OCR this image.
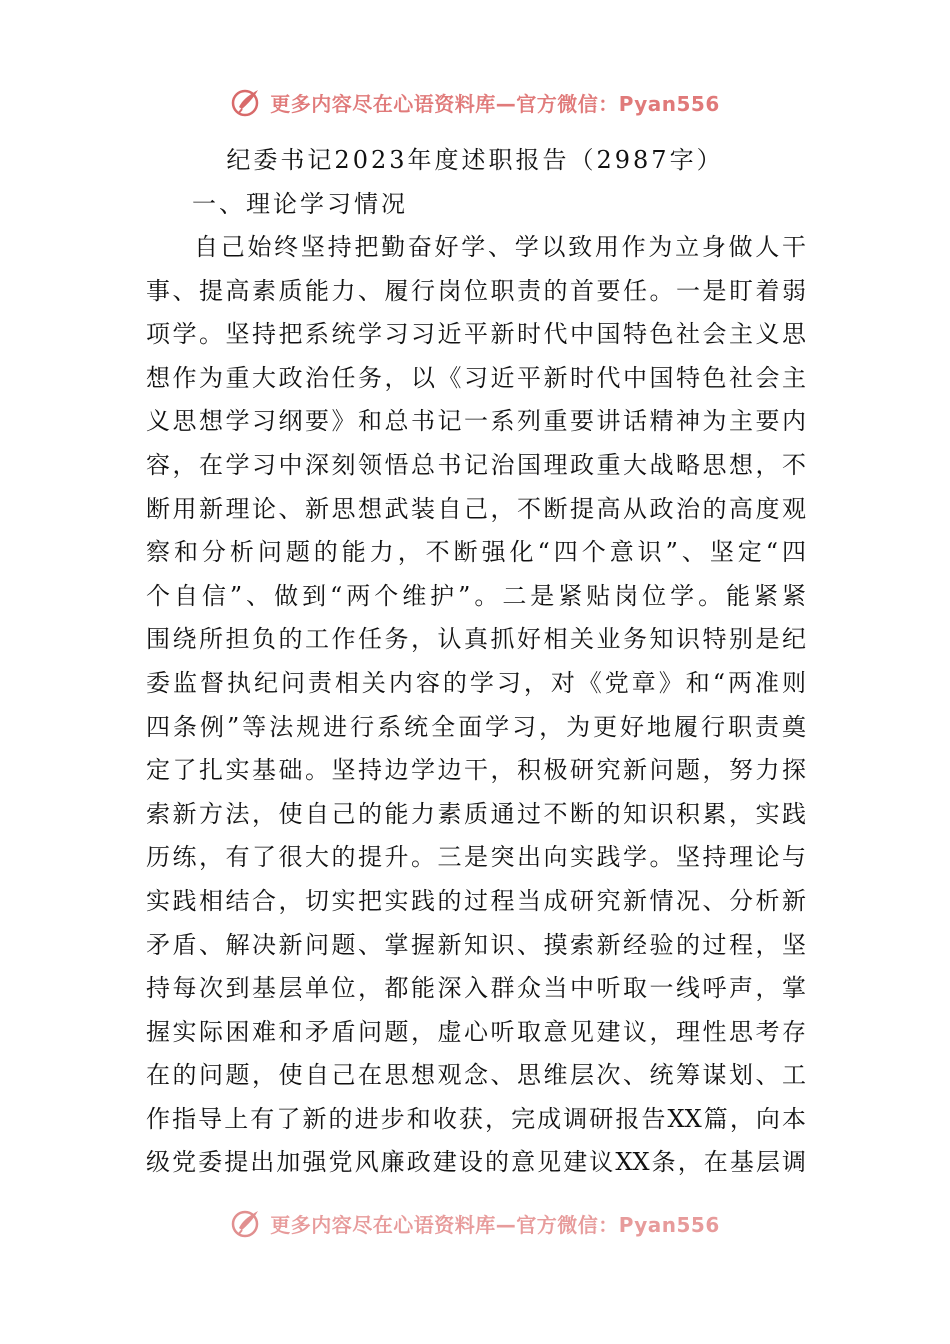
更多内容尽在心语资料库—官方微信：Pyan556
纪委书记2023年度述职报告（2987字）
一、理论学习情况
自己始终坚持把勤奋好学、学以致用作为立身做人干
事、提高素质能力、履行岗位职责的首要任。一是盯着弱
项学。坚持把系统学习习近平新时代中国特色社会主义思
想作为重大政治任务，以《习近平新时代中国特色社会主
义思想学习纲要》和总书记一系列重要讲话精神为主要内
容，在学习中深刻领悟总书记治国理政重大战略思想，不
断用新理论、新思想武装自己，不断提高从政治的高度观
察和分析问题的能力，不断强化“四个意识”、坚定“四
个自信”、做到“两个维护”。二是紧贴岗位学。能紧紧
围绕所担负的工作任务，认真抓好相关业务知识特别是纪
委监督执纪问责相关内容的学习，对《党章》和“两准则
四条例”等法规进行系统全面学习，为更好地履行职责奠
定了扎实基础。坚持边学边干，积极研究新问题，努力探
索新方法，使自己的能力素质通过不断的知识积累，实践
历练，有了很大的提升。三是突出向实践学。坚持理论与
实践相结合，切实把实践的过程当成研究新情况、分析新
矛盾、解决新问题、掌握新知识、摸索新经验的过程，坚
持每次到基层单位，都能深入群众当中听取一线呼声，掌
握实际困难和矛盾问题，虚心听取意见建议，理性思考存
在的问题，使自己在思想观念、思维层次、统筹谋划、工
作指导上有了新的进步和收获，完成调研报告XX篇，向本
级党委提出加强党风廉政建设的意见建议XX条，在基层调
更多内容尽在心语资料库—官方微信：Pyan556
